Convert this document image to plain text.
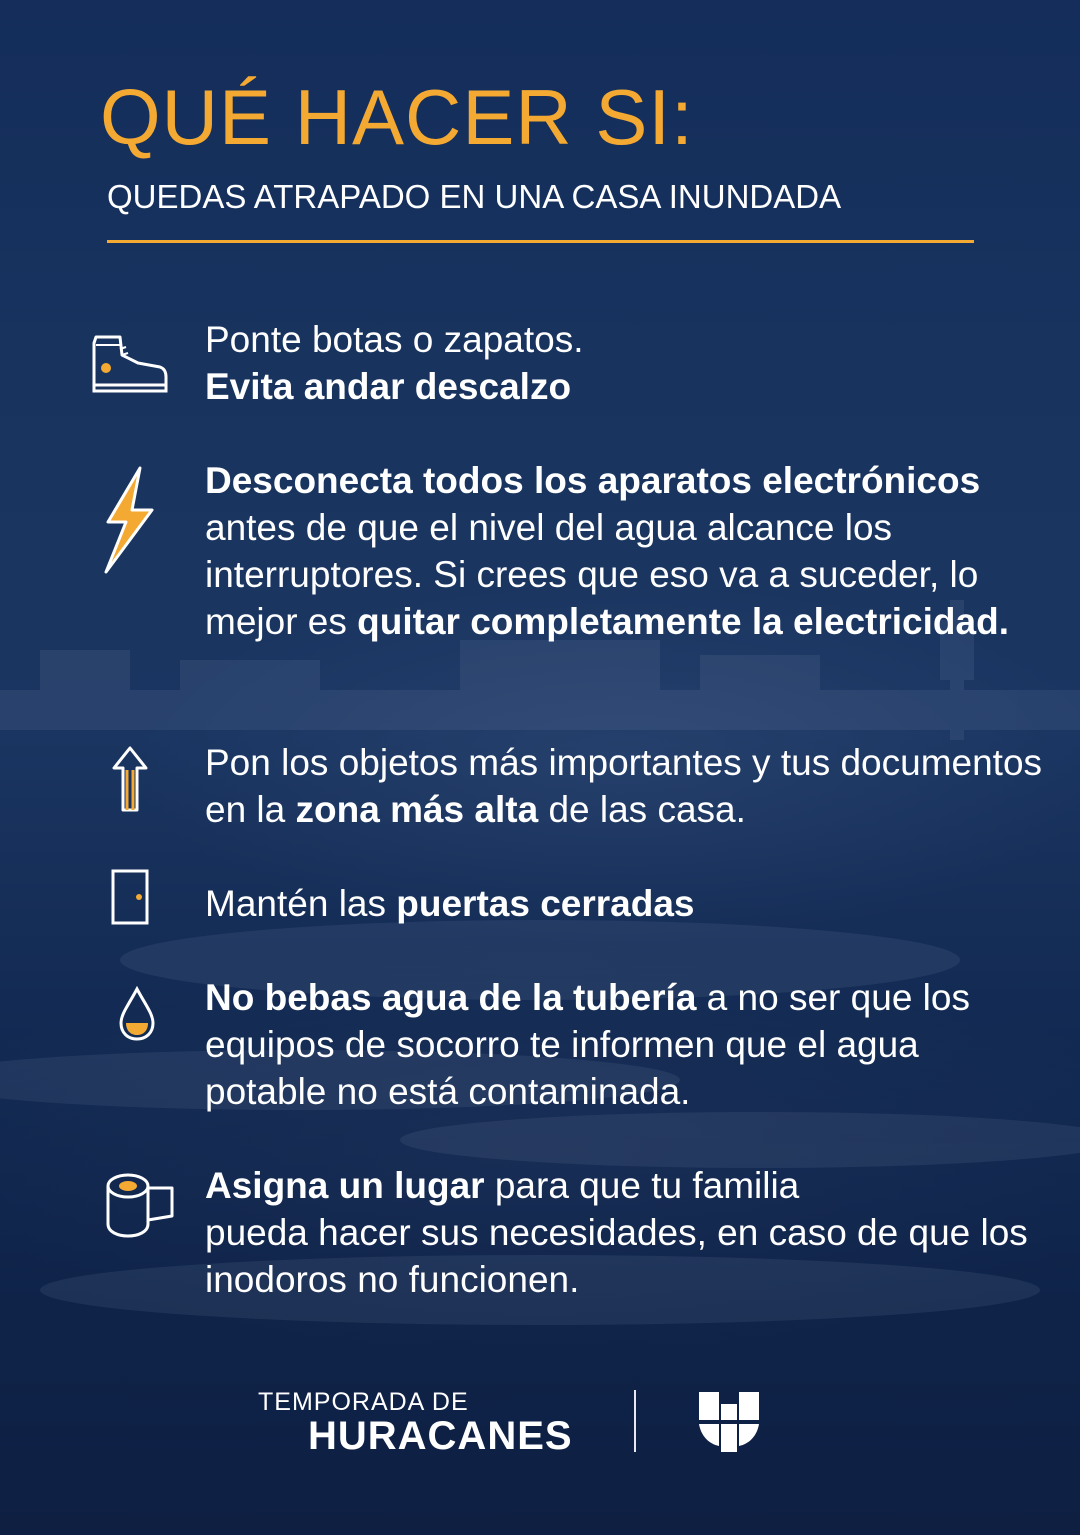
QUÉ HACER SI:
QUEDAS ATRAPADO EN UNA CASA INUNDADA
Ponte botas o zapatos.
Evita andar descalzo
Desconecta todos los aparatos electrónicos antes de que el nivel del agua alcance los interruptores. Si crees que eso va a suceder, lo mejor es quitar completamente la electricidad.
Pon los objetos más importantes y tus documentos en la zona más alta de las casa.
Mantén las puertas cerradas
No bebas agua de la tubería a no ser que los equipos de socorro te informen que el agua potable no está contaminada.
Asigna un lugar para que tu familia
pueda hacer sus necesidades, en caso de que los inodoros no funcionen.
TEMPORADA DE
HURACANES
